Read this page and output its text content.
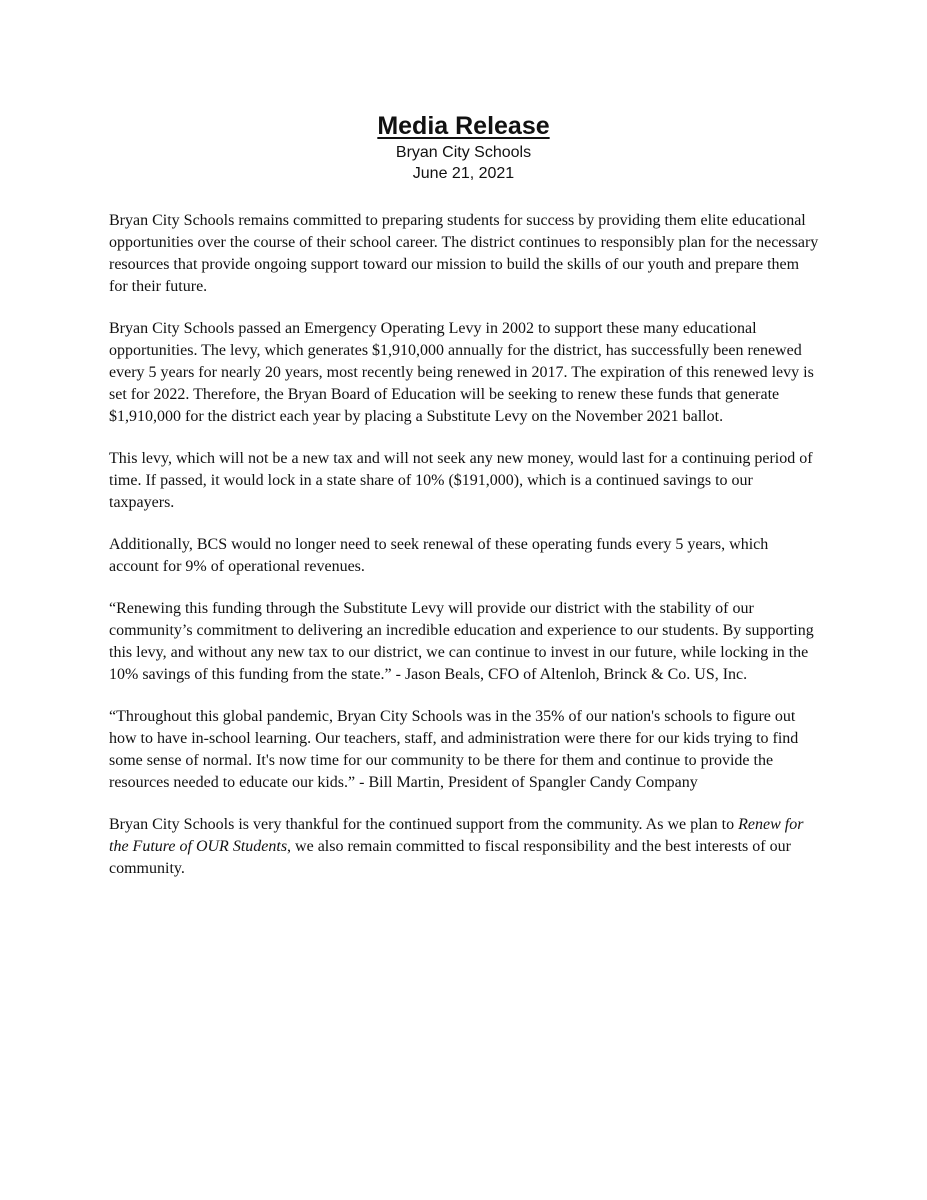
Media Release

Bryan City Schools

June 21, 2021

Bryan City Schools remains committed to preparing students for success by providing them elite educational opportunities over the course of their school career. The district continues to responsibly plan for the necessary resources that provide ongoing support toward our mission to build the skills of our youth and prepare them for their future.

Bryan City Schools passed an Emergency Operating Levy in 2002 to support these many educational opportunities. The levy, which generates $1,910,000 annually for the district, has successfully been renewed every 5 years for nearly 20 years, most recently being renewed in 2017. The expiration of this renewed levy is set for 2022. Therefore, the Bryan Board of Education will be seeking to renew these funds that generate $1,910,000 for the district each year by placing a Substitute Levy on the November 2021 ballot.

This levy, which will not be a new tax and will not seek any new money, would last for a continuing period of time. If passed, it would lock in a state share of 10% ($191,000), which is a continued savings to our taxpayers.

Additionally, BCS would no longer need to seek renewal of these operating funds every 5 years, which account for 9% of operational revenues.

“Renewing this funding through the Substitute Levy will provide our district with the stability of our community’s commitment to delivering an incredible education and experience to our students. By supporting this levy, and without any new tax to our district, we can continue to invest in our future, while locking in the 10% savings of this funding from the state.” - Jason Beals, CFO of Altenloh, Brinck & Co. US, Inc.

“Throughout this global pandemic, Bryan City Schools was in the 35% of our nation's schools to figure out how to have in-school learning. Our teachers, staff, and administration were there for our kids trying to find some sense of normal. It's now time for our community to be there for them and continue to provide the resources needed to educate our kids.” - Bill Martin, President of Spangler Candy Company

Bryan City Schools is very thankful for the continued support from the community. As we plan to Renew for the Future of OUR Students, we also remain committed to fiscal responsibility and the best interests of our community.
